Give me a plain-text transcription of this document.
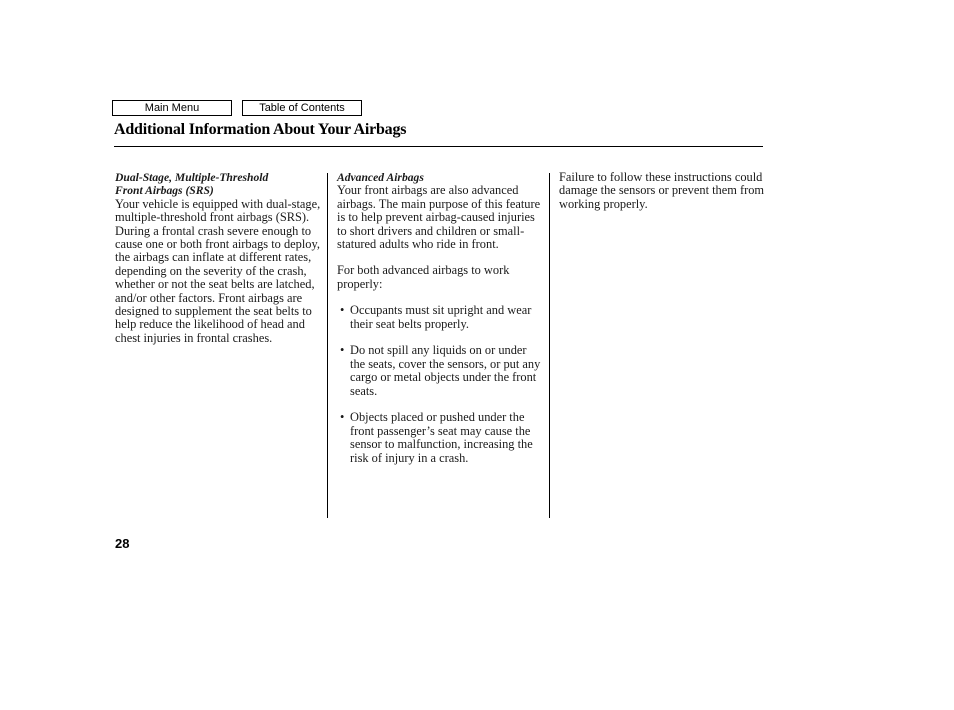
Main Menu	Table of Contents
Additional Information About Your Airbags
Dual-Stage, Multiple-Threshold
Front Airbags (SRS)

Your vehicle is equipped with dual-stage, multiple-threshold front airbags (SRS). During a frontal crash severe enough to cause one or both front airbags to deploy, the airbags can inflate at different rates, depending on the severity of the crash, whether or not the seat belts are latched, and/or other factors. Front airbags are designed to supplement the seat belts to help reduce the likelihood of head and chest injuries in frontal crashes.

Advanced Airbags

Your front airbags are also advanced airbags. The main purpose of this feature is to help prevent airbag-caused injuries to short drivers and children or small-statured adults who ride in front.

For both advanced airbags to work properly:

• Occupants must sit upright and wear their seat belts properly.
• Do not spill any liquids on or under the seats, cover the sensors, or put any cargo or metal objects under the front seats.
• Objects placed or pushed under the front passenger’s seat may cause the sensor to malfunction, increasing the risk of injury in a crash.

Failure to follow these instructions could damage the sensors or prevent them from working properly.

28
